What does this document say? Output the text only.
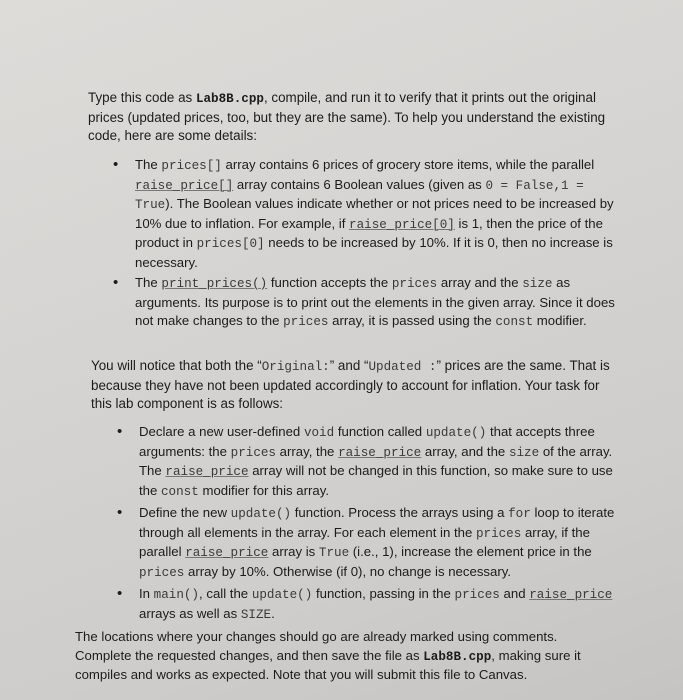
Type this code as Lab8B.cpp, compile, and run it to verify that it prints out the original prices (updated prices, too, but they are the same). To help you understand the existing code, here are some details:

• The prices[] array contains 6 prices of grocery store items, while the parallel raise_price[] array contains 6 Boolean values (given as 0 = False,1 = True). The Boolean values indicate whether or not prices need to be increased by 10% due to inflation. For example, if raise_price[0] is 1, then the price of the product in prices[0] needs to be increased by 10%. If it is 0, then no increase is necessary.
• The print_prices() function accepts the prices array and the size as arguments. Its purpose is to print out the elements in the given array. Since it does not make changes to the prices array, it is passed using the const modifier.

You will notice that both the “Original:” and “Updated :” prices are the same. That is because they have not been updated accordingly to account for inflation. Your task for this lab component is as follows:

• Declare a new user-defined void function called update() that accepts three arguments: the prices array, the raise_price array, and the size of the array. The raise_price array will not be changed in this function, so make sure to use the const modifier for this array.
• Define the new update() function. Process the arrays using a for loop to iterate through all elements in the array. For each element in the prices array, if the parallel raise_price array is True (i.e., 1), increase the element price in the prices array by 10%. Otherwise (if 0), no change is necessary.
• In main(), call the update() function, passing in the prices and raise_price arrays as well as SIZE.

The locations where your changes should go are already marked using comments. Complete the requested changes, and then save the file as Lab8B.cpp, making sure it compiles and works as expected. Note that you will submit this file to Canvas.
